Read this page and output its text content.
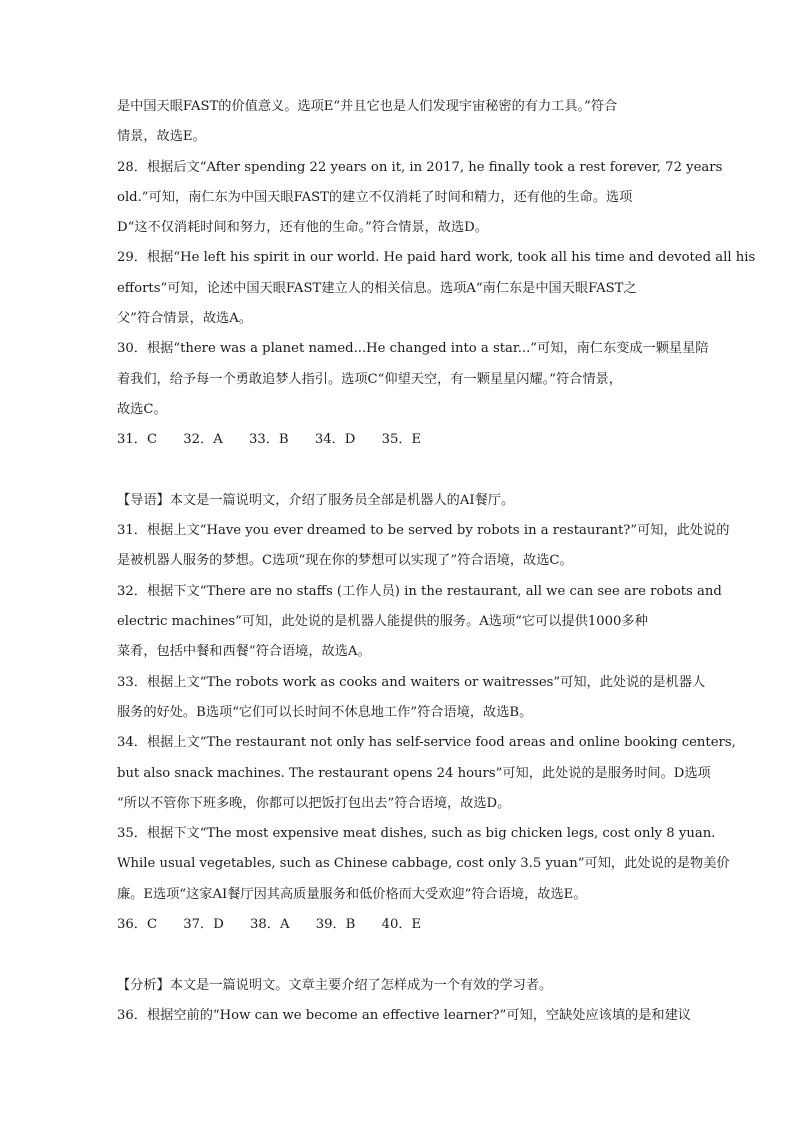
是中国天眼FAST的价值意义。选项E“并且它也是人们发现宇宙秘密的有力工具。”符合
情景，故选E。
28．根据后文“After spending 22 years on it, in 2017, he finally took a rest forever, 72 years
old.”可知，南仁东为中国天眼FAST的建立不仅消耗了时间和精力，还有他的生命。选项
D“这不仅消耗时间和努力，还有他的生命。”符合情景，故选D。
29．根据“He left his spirit in our world. He paid hard work, took all his time and devoted all his
efforts”可知，论述中国天眼FAST建立人的相关信息。选项A“南仁东是中国天眼FAST之
父”符合情景，故选A。
30．根据“there was a planet named...He changed into a star...”可知，南仁东变成一颗星星陪
着我们，给予每一个勇敢追梦人指引。选项C“仰望天空，有一颗星星闪耀。”符合情景，
故选C。
31．C 32．A 33．B 34．D 35．E
【导语】本文是一篇说明文，介绍了服务员全部是机器人的AI餐厅。
31．根据上文“Have you ever dreamed to be served by robots in a restaurant?”可知，此处说的
是被机器人服务的梦想。C选项“现在你的梦想可以实现了”符合语境，故选C。
32．根据下文“There are no staffs (工作人员) in the restaurant, all we can see are robots and
electric machines”可知，此处说的是机器人能提供的服务。A选项“它可以提供1000多种
菜肴，包括中餐和西餐”符合语境，故选A。
33．根据上文“The robots work as cooks and waiters or waitresses”可知，此处说的是机器人
服务的好处。B选项“它们可以长时间不休息地工作”符合语境，故选B。
34．根据上文“The restaurant not only has self-service food areas and online booking centers,
but also snack machines. The restaurant opens 24 hours”可知，此处说的是服务时间。D选项
“所以不管你下班多晚，你都可以把饭打包出去”符合语境，故选D。
35．根据下文“The most expensive meat dishes, such as big chicken legs, cost only 8 yuan.
While usual vegetables, such as Chinese cabbage, cost only 3.5 yuan”可知，此处说的是物美价
廉。E选项“这家AI餐厅因其高质量服务和低价格而大受欢迎”符合语境，故选E。
36．C 37．D 38．A 39．B 40．E
【分析】本文是一篇说明文。文章主要介绍了怎样成为一个有效的学习者。
36．根据空前的“How can we become an effective learner?”可知，空缺处应该填的是和建议
